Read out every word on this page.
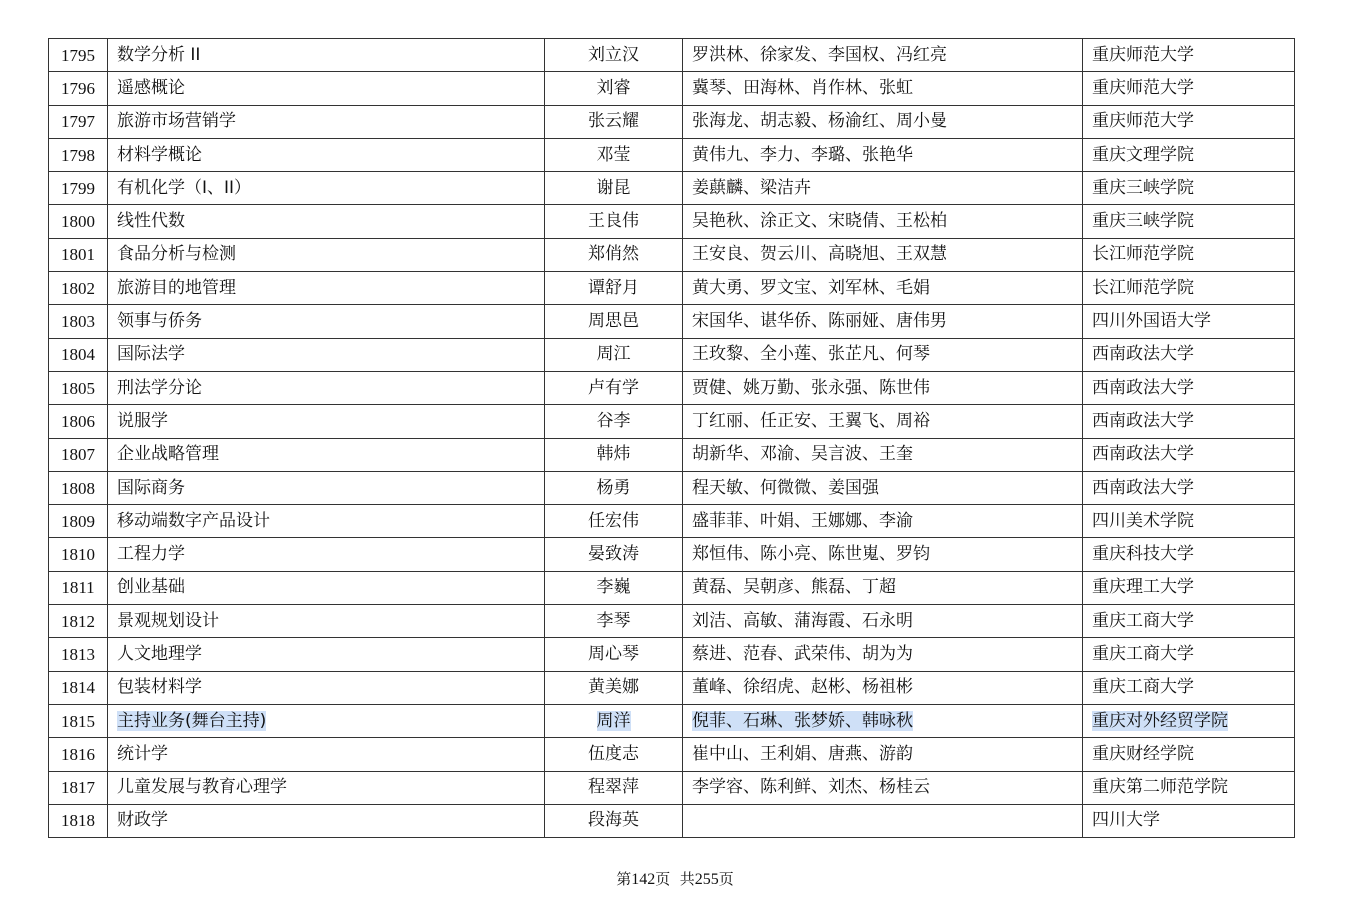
1795	数学分析 II	刘立汉	罗洪林、徐家发、李国权、冯红亮	重庆师范大学
1796	遥感概论	刘睿	冀琴、田海林、肖作林、张虹	重庆师范大学
1797	旅游市场营销学	张云耀	张海龙、胡志毅、杨渝红、周小曼	重庆师范大学
1798	材料学概论	邓莹	黄伟九、李力、李璐、张艳华	重庆文理学院
1799	有机化学（I、II）	谢昆	姜蕻麟、梁洁卉	重庆三峡学院
1800	线性代数	王良伟	吴艳秋、涂正文、宋晓倩、王松柏	重庆三峡学院
1801	食品分析与检测	郑俏然	王安良、贺云川、高晓旭、王双慧	长江师范学院
1802	旅游目的地管理	谭舒月	黄大勇、罗文宝、刘军林、毛娟	长江师范学院
1803	领事与侨务	周思邑	宋国华、谌华侨、陈丽娅、唐伟男	四川外国语大学
1804	国际法学	周江	王玫黎、全小莲、张芷凡、何琴	西南政法大学
1805	刑法学分论	卢有学	贾健、姚万勤、张永强、陈世伟	西南政法大学
1806	说服学	谷李	丁红丽、任正安、王翼飞、周裕	西南政法大学
1807	企业战略管理	韩炜	胡新华、邓渝、吴言波、王奎	西南政法大学
1808	国际商务	杨勇	程天敏、何微微、姜国强	西南政法大学
1809	移动端数字产品设计	任宏伟	盛菲菲、叶娟、王娜娜、李渝	四川美术学院
1810	工程力学	晏致涛	郑恒伟、陈小亮、陈世嵬、罗钧	重庆科技大学
1811	创业基础	李巍	黄磊、吴朝彦、熊磊、丁超	重庆理工大学
1812	景观规划设计	李琴	刘洁、高敏、蒲海霞、石永明	重庆工商大学
1813	人文地理学	周心琴	蔡进、范春、武荣伟、胡为为	重庆工商大学
1814	包装材料学	黄美娜	董峰、徐绍虎、赵彬、杨祖彬	重庆工商大学
1815	主持业务(舞台主持)	周洋	倪菲、石琳、张梦娇、韩咏秋	重庆对外经贸学院
1816	统计学	伍度志	崔中山、王利娟、唐燕、游韵	重庆财经学院
1817	儿童发展与教育心理学	程翠萍	李学容、陈利鲜、刘杰、杨桂云	重庆第二师范学院
1818	财政学	段海英		四川大学
第142页  共255页
